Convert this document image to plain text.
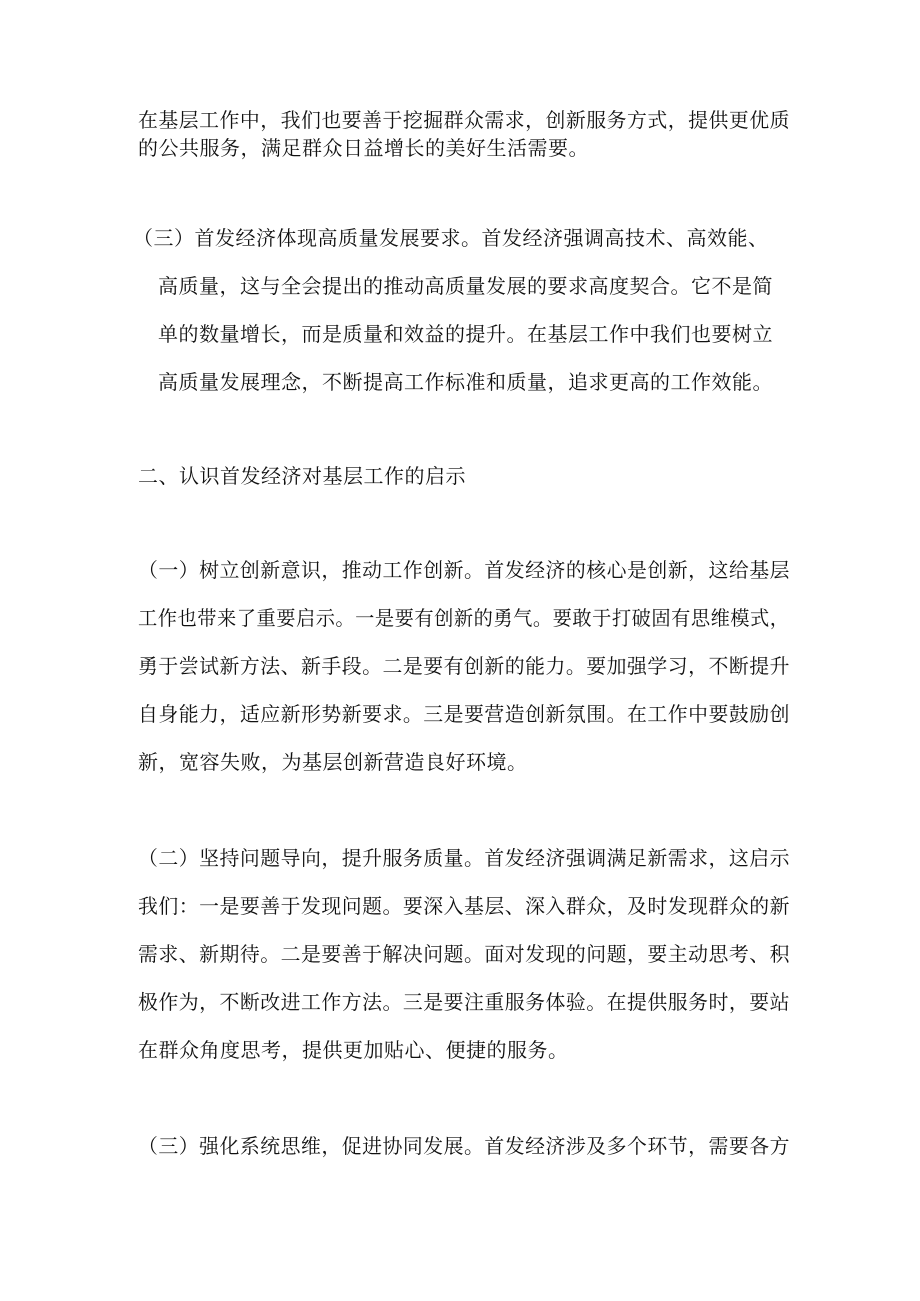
在基层工作中，我们也要善于挖掘群众需求，创新服务方式，提供更优质
的公共服务，满足群众日益增长的美好生活需要。
（三）首发经济体现高质量发展要求。首发经济强调高技术、高效能、
高质量，这与全会提出的推动高质量发展的要求高度契合。它不是简
单的数量增长，而是质量和效益的提升。在基层工作中我们也要树立
高质量发展理念，不断提高工作标准和质量，追求更高的工作效能。
二、认识首发经济对基层工作的启示
（一）树立创新意识，推动工作创新。首发经济的核心是创新，这给基层
工作也带来了重要启示。一是要有创新的勇气。要敢于打破固有思维模式，
勇于尝试新方法、新手段。二是要有创新的能力。要加强学习，不断提升
自身能力，适应新形势新要求。三是要营造创新氛围。在工作中要鼓励创
新，宽容失败，为基层创新营造良好环境。
（二）坚持问题导向，提升服务质量。首发经济强调满足新需求，这启示
我们：一是要善于发现问题。要深入基层、深入群众，及时发现群众的新
需求、新期待。二是要善于解决问题。面对发现的问题，要主动思考、积
极作为，不断改进工作方法。三是要注重服务体验。在提供服务时，要站
在群众角度思考，提供更加贴心、便捷的服务。
（三）强化系统思维，促进协同发展。首发经济涉及多个环节，需要各方
